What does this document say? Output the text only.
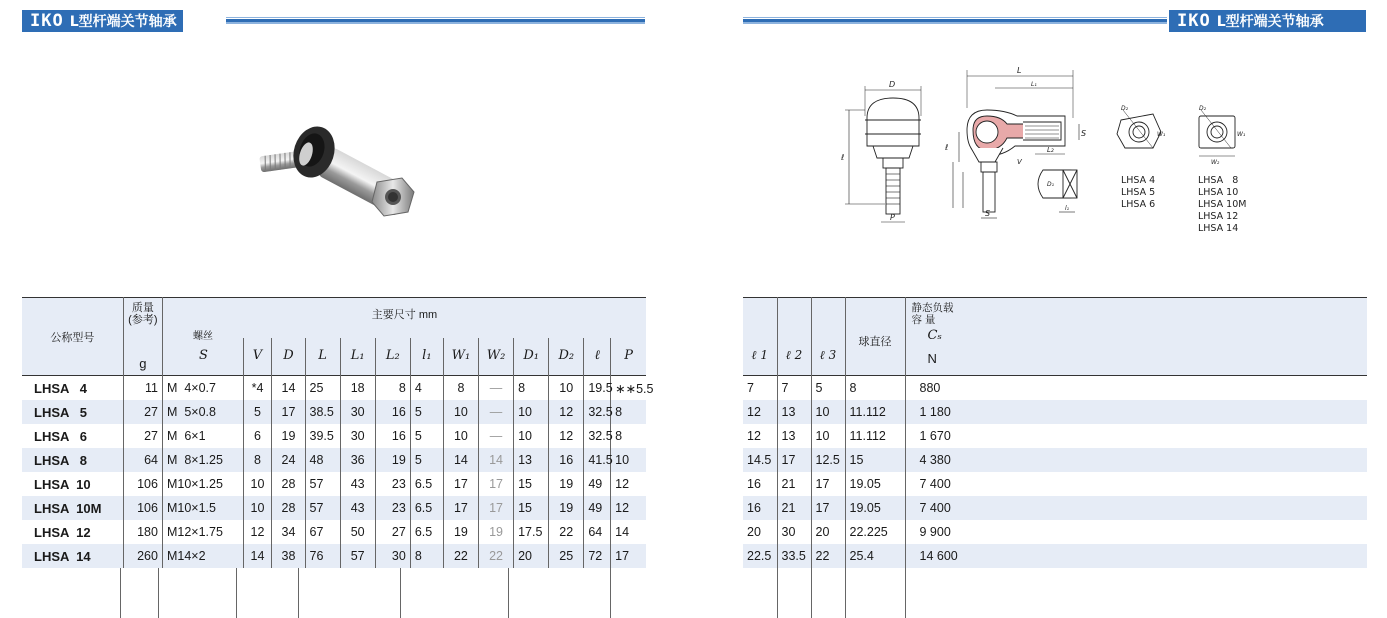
IKO L型杆端关节轴承	IKO L型杆端关节轴承
D
ℓ
P
L
L₁
S
L₂
V
S
ℓ
l₁
D₁
D₂
W₁
D₂
W₁
W₂
LHSA 4
LHSA 5
LHSA 6
LHSA   8
LHSA 10
LHSA 10M
LHSA 12
LHSA 14
公称型号	质量
(参考)	主要尺寸 mm												
	g	螺丝
S	V	D	L	L₁	L₂	l₁	W₁	W₂	D₁	D₂	ℓ	P
LHSA   4	11	M  4×0.7	*4	14	25	18	8	4	8	—	8	10	19.5	∗∗5.5
LHSA   5	27	M  5×0.8	5	17	38.5	30	16	5	10	—	10	12	32.5	8
LHSA   6	27	M  6×1	6	19	39.5	30	16	5	10	—	10	12	32.5	8
LHSA   8	64	M  8×1.25	8	24	48	36	19	5	14	14	13	16	41.5	10
LHSA  10	106	M10×1.25	10	28	57	43	23	6.5	17	17	15	19	49	12
LHSA  10M	106	M10×1.5	10	28	57	43	23	6.5	17	17	15	19	49	12
LHSA  12	180	M12×1.75	12	34	67	50	27	6.5	19	19	17.5	22	64	14
LHSA  14	260	M14×2	14	38	76	57	30	8	22	22	20	25	72	17
ℓ 1	ℓ 2	ℓ 3	球直径	静态负载
容 量
Cₛ
N

7	7	5	8	880
12	13	10	11.112	1 180
12	13	10	11.112	1 670
14.5	17	12.5	15	4 380
16	21	17	19.05	7 400
16	21	17	19.05	7 400
20	30	20	22.225	9 900
22.5	33.5	22	25.4	14 600
